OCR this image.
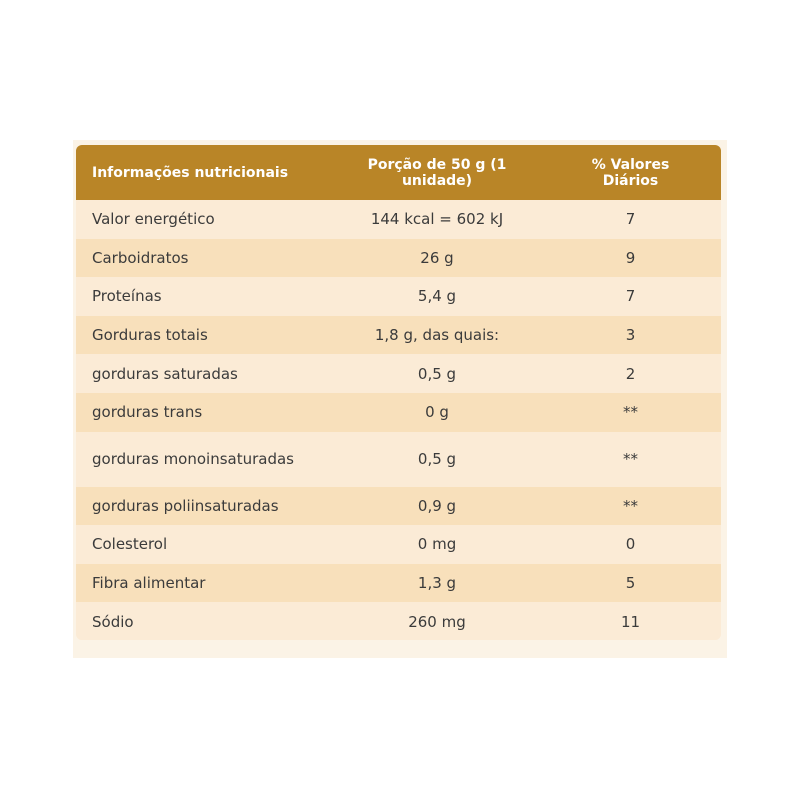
Informações nutricionais	Porção de 50 g (1 unidade)	% Valores Diários
Valor energético	144 kcal = 602 kJ	7
Carboidratos	26 g	9
Proteínas	5,4 g	7
Gorduras totais	1,8 g, das quais:	3
gorduras saturadas	0,5 g	2
gorduras trans	0 g	**
gorduras monoinsaturadas	0,5 g	**
gorduras poliinsaturadas	0,9 g	**
Colesterol	0 mg	0
Fibra alimentar	1,3 g	5
Sódio	260 mg	11
